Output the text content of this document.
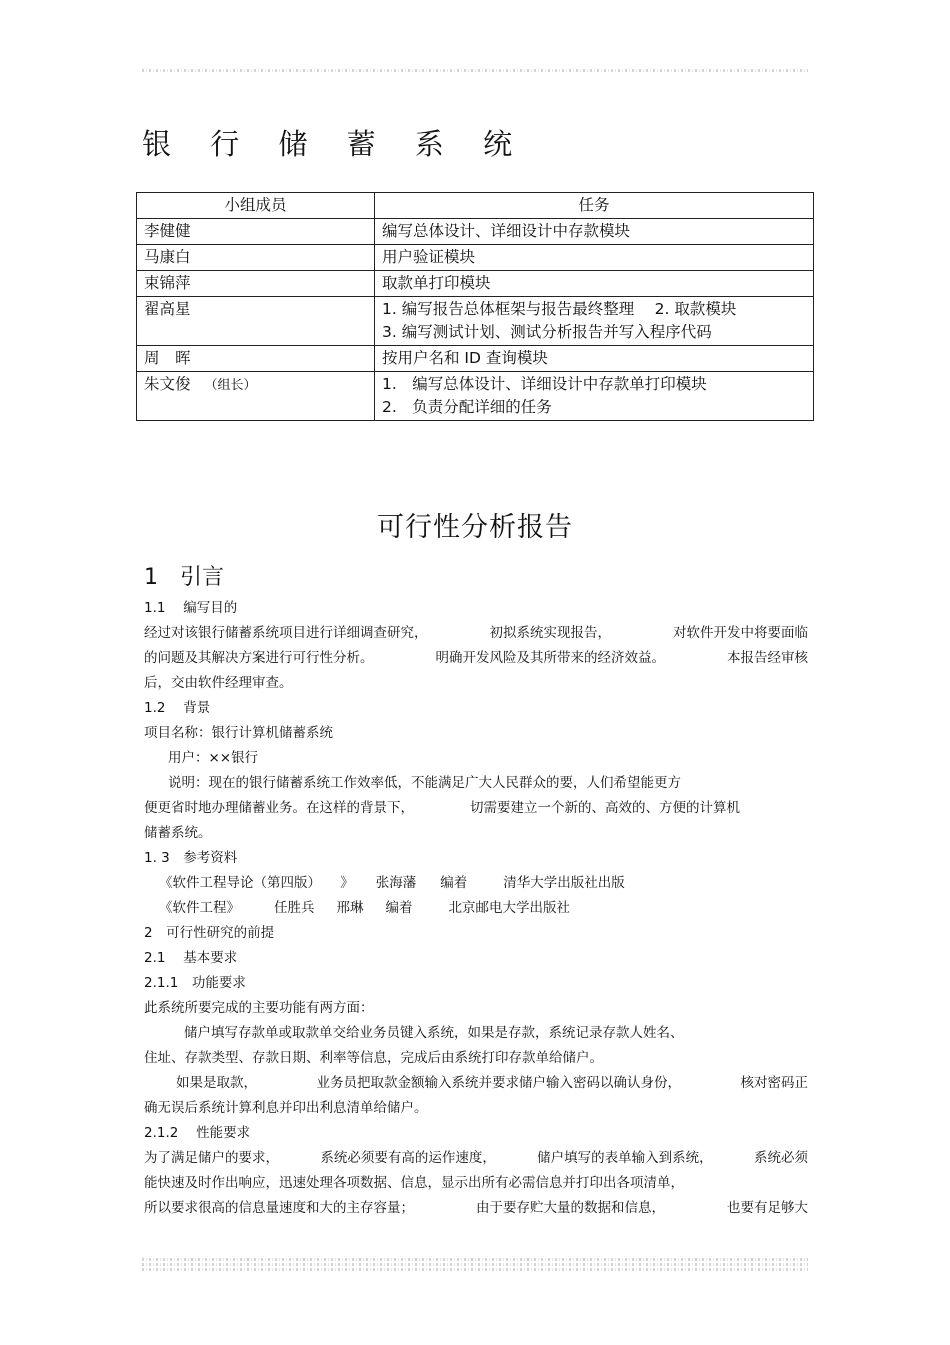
银 行 储 蓄 系 统
小组成员	任务
李健健	编写总体设计、详细设计中存款模块

马康白	用户验证模块

束锦萍	取款单打印模块

翟高星	1. 编写报告总体框架与报告最终整理　 2. 取款模块
3. 编写测试计划、测试分析报告并写入程序代码

周　晖	按用户名和 ID 查询模块

朱文俊 （组长）	1.　编写总体设计、详细设计中存款单打印模块
2.　负责分配详细的任务
可行性分析报告
1 引言
1.1　 编写目的
经过对该银行储蓄系统项目进行详细调查研究，	初拟系统实现报告，	对软件开发中将要面临
的问题及其解决方案进行可行性分析。	明确开发风险及其所带来的经济效益。	本报告经审核
后，交由软件经理审查。
1.2　 背景
项目名称：银行计算机储蓄系统
用户：××银行
说明：现在的银行储蓄系统工作效率低，不能满足广大人民群众的要，人们希望能更方
便更省时地办理储蓄业务。在这样的背景下，	切需要建立一个新的、高效的、方便的计算机
储蓄系统。
1. 3　参考资料
《软件工程导论（第四版） 》 张海藩 编着	清华大学出版社出版
《软件工程》	任胜兵 邢琳 编着	北京邮电大学出版社
2　可行性研究的前提
2.1　 基本要求
2.1.1　功能要求
此系统所要完成的主要功能有两方面：
储户填写存款单或取款单交给业务员键入系统，如果是存款，系统记录存款人姓名、
住址、存款类型、存款日期、利率等信息，完成后由系统打印存款单给储户。
如果是取款，	业务员把取款金额输入系统并要求储户输入密码以确认身份，	核对密码正
确无误后系统计算利息并印出利息清单给储户。
2.1.2　 性能要求
为了满足储户的要求，	系统必须要有高的运作速度，	储户填写的表单输入到系统，	系统必须
能快速及时作出响应，迅速处理各项数据、信息，显示出所有必需信息并打印出各项清单，
所以要求很高的信息量速度和大的主存容量；	由于要存贮大量的数据和信息，	也要有足够大
